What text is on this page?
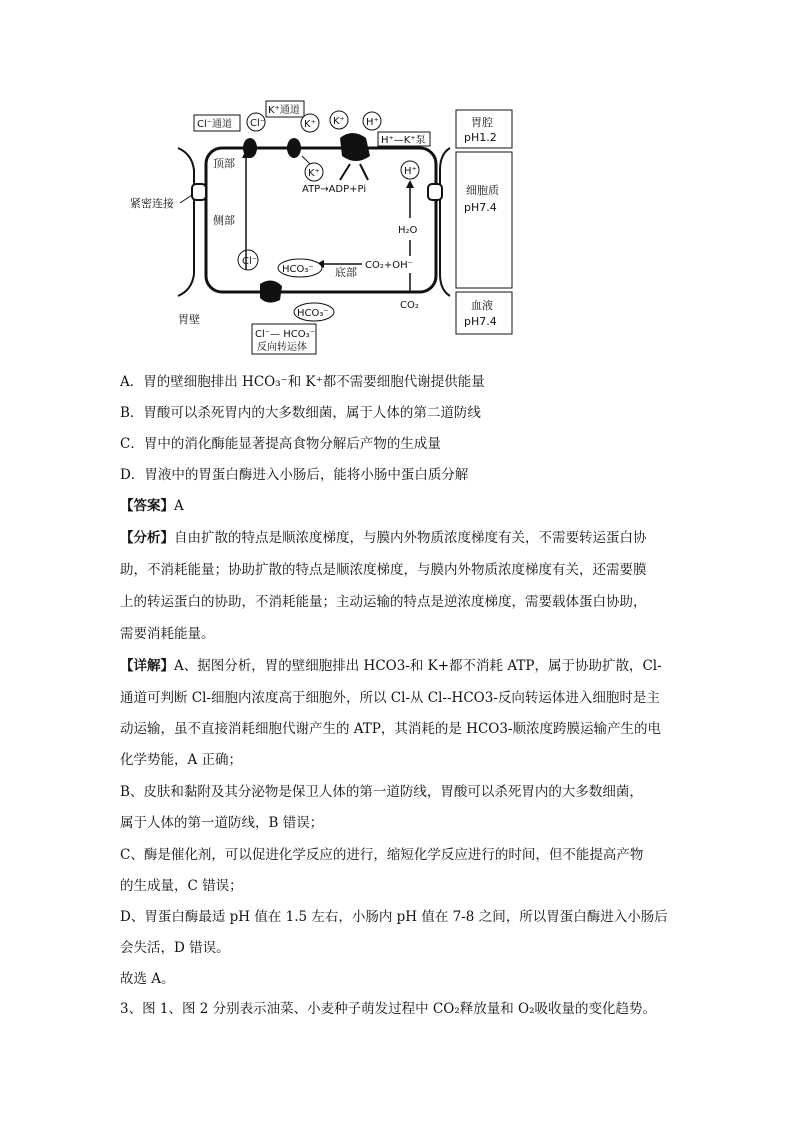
紧密连接
顶部
侧部
底部
胃壁
Cl⁻通道 Cl⁻
K⁺通道
K⁺
K⁺
K⁺ H⁺
H⁺—K⁺泵
ATP→ADP+Pi
H⁺
H₂O
CO₂+OH⁻
CO₂
Cl⁻
HCO₃⁻
HCO₃⁻
Cl⁻— HCO₃⁻
反向转运体
胃腔
pH1.2
细胞质
pH7.4
血液
pH7.4
A．胃的壁细胞排出 HCO₃⁻和 K⁺都不需要细胞代谢提供能量
B．胃酸可以杀死胃内的大多数细菌，属于人体的第二道防线
C．胃中的消化酶能显著提高食物分解后产物的生成量
D．胃液中的胃蛋白酶进入小肠后，能将小肠中蛋白质分解
【答案】A
【分析】自由扩散的特点是顺浓度梯度，与膜内外物质浓度梯度有关，不需要转运蛋白协
助，不消耗能量；协助扩散的特点是顺浓度梯度，与膜内外物质浓度梯度有关，还需要膜
上的转运蛋白的协助，不消耗能量；主动运输的特点是逆浓度梯度，需要载体蛋白协助，
需要消耗能量。
【详解】A、据图分析，胃的壁细胞排出 HCO3-和 K+都不消耗 ATP，属于协助扩散，Cl-
通道可判断 Cl-细胞内浓度高于细胞外，所以 Cl-从 Cl--HCO3-反向转运体进入细胞时是主
动运输，虽不直接消耗细胞代谢产生的 ATP，其消耗的是 HCO3-顺浓度跨膜运输产生的电
化学势能，A 正确；
B、皮肤和黏附及其分泌物是保卫人体的第一道防线，胃酸可以杀死胃内的大多数细菌，
属于人体的第一道防线，B 错误；
C、酶是催化剂，可以促进化学反应的进行，缩短化学反应进行的时间，但不能提高产物
的生成量，C 错误；
D、胃蛋白酶最适 pH 值在 1.5 左右，小肠内 pH 值在 7-8 之间，所以胃蛋白酶进入小肠后
会失活，D 错误。
故选 A。
3、图 1、图 2 分别表示油菜、小麦种子萌发过程中 CO₂释放量和 O₂吸收量的变化趋势。
